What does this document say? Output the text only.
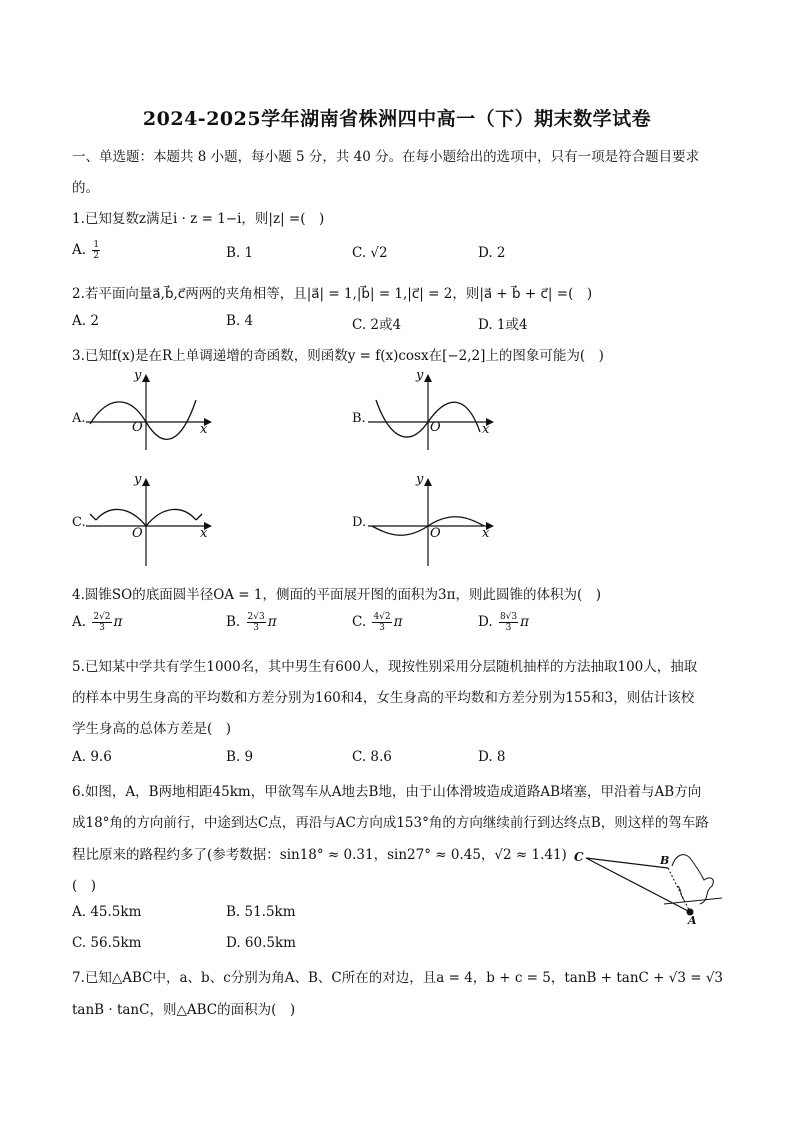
2024-2025学年湖南省株洲四中高一（下）期末数学试卷
一、单选题：本题共 8 小题，每小题 5 分，共 40 分。在每小题给出的选项中，只有一项是符合题目要求
的。
1.已知复数z满足i · z = 1−i，则|z| =(　)
A. $\frac{1}{2}$	B. 1	C. √2	D. 2
2.若平面向量a⃗,b⃗,c⃗两两的夹角相等，且|a⃗| = 1,|b⃗| = 1,|c⃗| = 2，则|a⃗ + b⃗ + c⃗| =(　)
A. 2	B. 4	C. 2或4	D. 1或4
3.已知f(x)是在R上单调递增的奇函数，则函数y = f(x)cosx在[−2,2]上的图象可能为(　)
A.
y
x
O
B.
y
x
O
C.
y
x
O
D.
y
x
O
4.圆锥SO的底面圆半径OA = 1，侧面的平面展开图的面积为3π，则此圆锥的体积为(　)
A. $\frac{2√2}{3}$ π	B. $\frac{2√3}{3}$ π	C. $\frac{4√2}{3}$ π	D. $\frac{8√3}{3}$ π
5.已知某中学共有学生1000名，其中男生有600人，现按性别采用分层随机抽样的方法抽取100人，抽取
的样本中男生身高的平均数和方差分别为160和4，女生身高的平均数和方差分别为155和3，则估计该校
学生身高的总体方差是(　)
A. 9.6	B. 9	C. 8.6	D. 8
6.如图，A，B两地相距45km，甲欲驾车从A地去B地，由于山体滑坡造成道路AB堵塞，甲沿着与AB方向
成18°角的方向前行，中途到达C点，再沿与AC方向成153°角的方向继续前行到达终点B，则这样的驾车路
程比原来的路程约多了(参考数据：sin18° ≈ 0.31，sin27° ≈ 0.45，√2 ≈ 1.41)
(　)
A. 45.5km	B. 51.5km
C. 56.5km	D. 60.5km
C	B
A
7.已知△ABC中，a、b、c分别为角A、B、C所在的对边，且a = 4，b + c = 5，tanB + tanC + √3 = √3
tanB · tanC，则△ABC的面积为(　)
